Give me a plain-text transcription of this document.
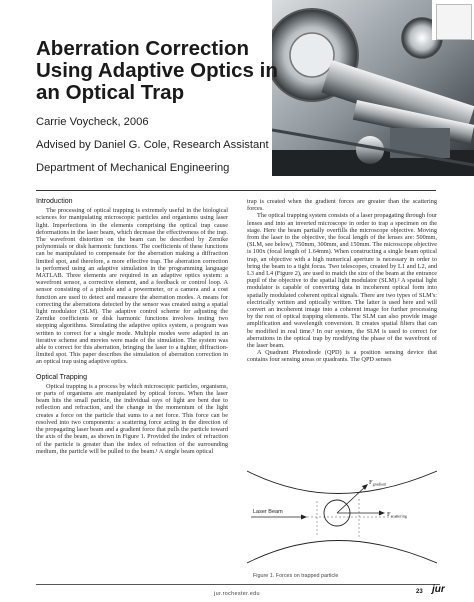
Aberration Correction Using Adaptive Optics in an Optical Trap
Carrie Voycheck, 2006
Advised by Daniel G. Cole, Research Assistant
Department of Mechanical Engineering
Introduction

The processing of optical trapping is extremely useful in the biological sciences for manipulating microscopic particles and organisms using laser light. Imperfections in the elements comprising the optical trap cause deformations in the laser beam, which decrease the effectiveness of the trap. The wavefront distortion on the beam can be described by Zernike polynomials or disk harmonic functions. The coefficients of these functions can be manipulated to compensate for the aberration making a diffraction limited spot, and therefore, a more effective trap. The aberration correction is performed using an adaptive simulation in the programming language MATLAB. Three elements are required in an adaptive optics system: a wavefront sensor, a corrective element, and a feedback or control loop. A sensor consisting of a pinhole and a powermeter, or a camera and a cost function are used to detect and measure the aberration modes. A means for correcting the aberrations detected by the sensor was created using a spatial light modulator (SLM). The adaptive control scheme for adjusting the Zernike coefficients or disk harmonic functions involves testing two stepping algorithms. Simulating the adaptive optics system, a program was written to correct for a single mode. Multiple modes were adapted in an iterative scheme and movies were made of the simulation. The system was able to correct for this aberration, bringing the laser to a tighter, diffraction-limited spot. This paper describes the simulation of aberration correction in an optical trap using adaptive optics.

Optical Trapping

Optical trapping is a process by which microscopic particles, organisms, or parts of organisms are manipulated by optical forces. When the laser beam hits the small particle, the individual rays of light are bent due to reflection and refraction, and the change in the momentum of the light creates a force on the particle that sums to a net force. This force can be resolved into two components: a scattering force acting in the direction of the propagating laser beam and a gradient force that pulls the particle toward the axis of the beam, as shown in Figure 1. Provided the index of refraction of the particle is greater than the index of refraction of the surrounding medium, the particle will be pulled to the beam.¹ A single beam optical

trap is created when the gradient forces are greater than the scattering forces.

The optical trapping system consists of a laser propagating through four lenses and into an inverted microscope in order to trap a specimen on the stage. Here the beam partially overfills the microscope objective. Moving from the laser to the objective, the focal length of the lenses are: 500mm, (SLM, see below), 750mm, 300mm, and 150mm. The microscope objective is 100x (focal length of 1.64mm). When constructing a single beam optical trap, an objective with a high numerical aperture is necessary in order to bring the beam to a tight focus. Two telescopes, created by L1 and L2, and L3 and L4 (Figure 2), are used to match the size of the beam at the entrance pupil of the objective to the spatial light modulator (SLM).² A spatial light modulator is capable of converting data in incoherent optical form into spatially modulated coherent optical signals. There are two types of SLM's: electrically written and optically written. The latter is used here and will convert an incoherent image into a coherent image for further processing by the rest of optical trapping elements. The SLM can also provide image amplification and wavelength conversion. It creates spatial filters that can be modified in real time.³ In our system, the SLM is used to correct for aberrations in the optical trap by modifying the phase of the wavefront of the laser beam.

A Quadrant Photodiode (QPD) is a position sensing device that contains four sensing areas or quadrants. The QPD senses

Laser Beam
$F_{gradient}$
$F_{scattering}$
Figure 1. Forces on trapped particle
jur.rochester.edu	23 jur
